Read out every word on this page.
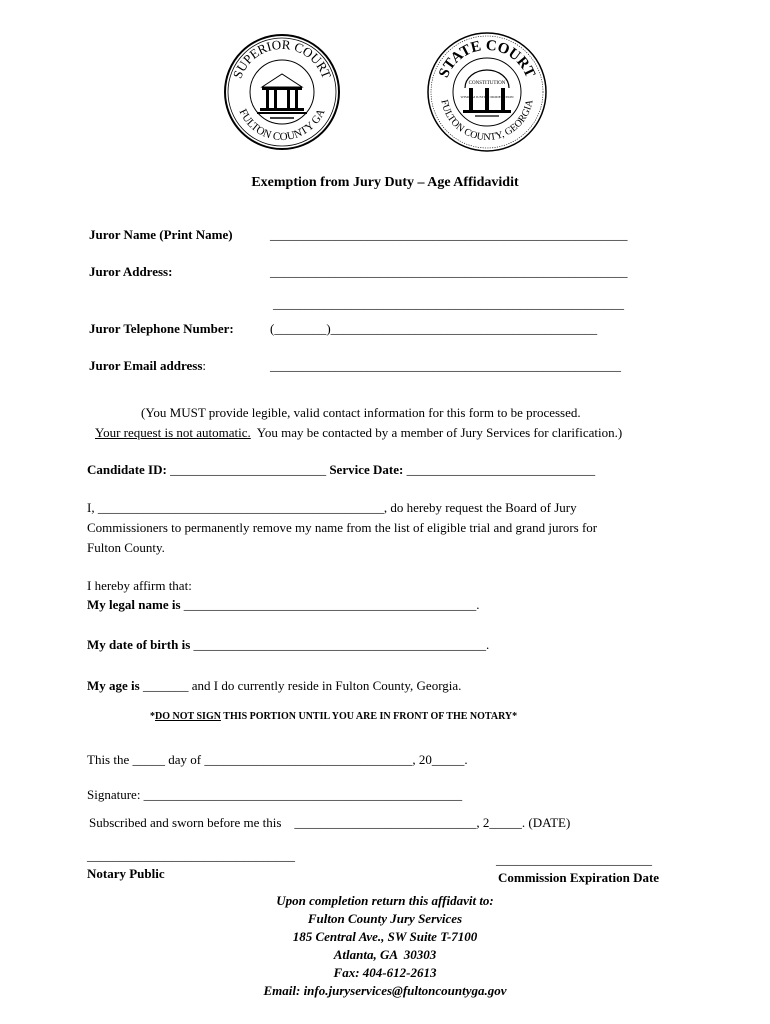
SUPERIOR COURT
FULTON COUNTY GA
STATE COURT
FULTON COUNTY, GEORGIA
CONSTITUTION
WISDOM JUSTICE MODERATION
Exemption from Jury Duty – Age Affidavidit
Juror Name (Print Name)	_______________________________________________________
Juror Address:	_______________________________________________________
______________________________________________________
Juror Telephone Number:	(________)_________________________________________
Juror Email address:	______________________________________________________
(You MUST provide legible, valid contact information for this form to be processed.
Your request is not automatic.  You may be contacted by a member of Jury Services for clarification.)
Candidate ID: ________________________ Service Date: _____________________________
I, ____________________________________________, do hereby request the Board of Jury
Commissioners to permanently remove my name from the list of eligible trial and grand jurors for
Fulton County.
I hereby affirm that:
My legal name is _____________________________________________.
My date of birth is _____________________________________________.
My age is _______ and I do currently reside in Fulton County, Georgia.
*DO NOT SIGN THIS PORTION UNTIL YOU ARE IN FRONT OF THE NOTARY*
This the _____ day of ________________________________, 20_____.
Signature: _________________________________________________
Subscribed and sworn before me this    ____________________________, 2_____. (DATE)
________________________________
Notary Public
________________________
Commission Expiration Date
Upon completion return this affidavit to:
Fulton County Jury Services
185 Central Ave., SW Suite T-7100
Atlanta, GA  30303
Fax: 404-612-2613
Email: info.juryservices@fultoncountyga.gov
